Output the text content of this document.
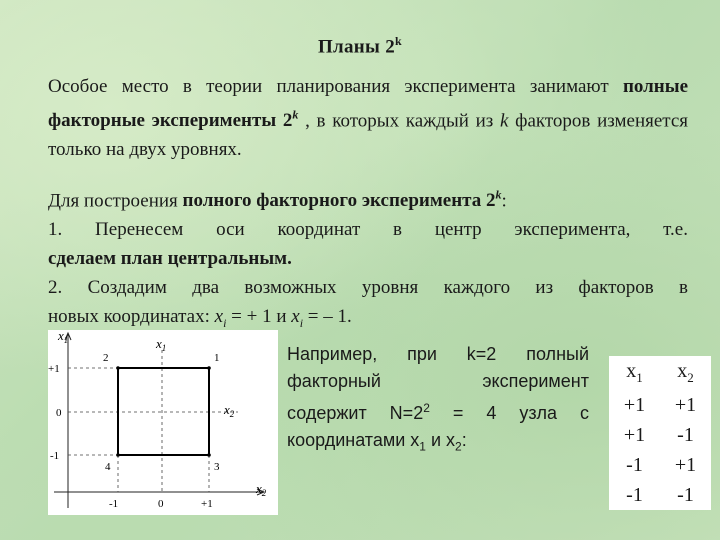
Планы 2$^k$
Особое место в теории планирования эксперимента занимают полные факторные эксперименты 2$^k$ , в которых каждый из k факторов изменяется только на двух уровнях.
Для построения полного факторного эксперимента 2$^k$:
1. Перенесем оси координат в центр эксперимента, т.е.
сделаем план центральным.
2. Создадим два возможных уровня каждого из факторов в
новых координатах: $x_i$ = + 1 и $x_i$ = – 1.
2	1
4	3
+1
0
-1
-1	0	+1
$x_1$	$x_1$
$x_2$
$x_2$
Например, при k=2 полный
факторный эксперимент
содержит $N=2^2 = 4$ узла с
координатами $x_1$ и $x_2$:
$x_1$	$x_2$
+1	+1
+1	-1
-1	+1
-1	-1
